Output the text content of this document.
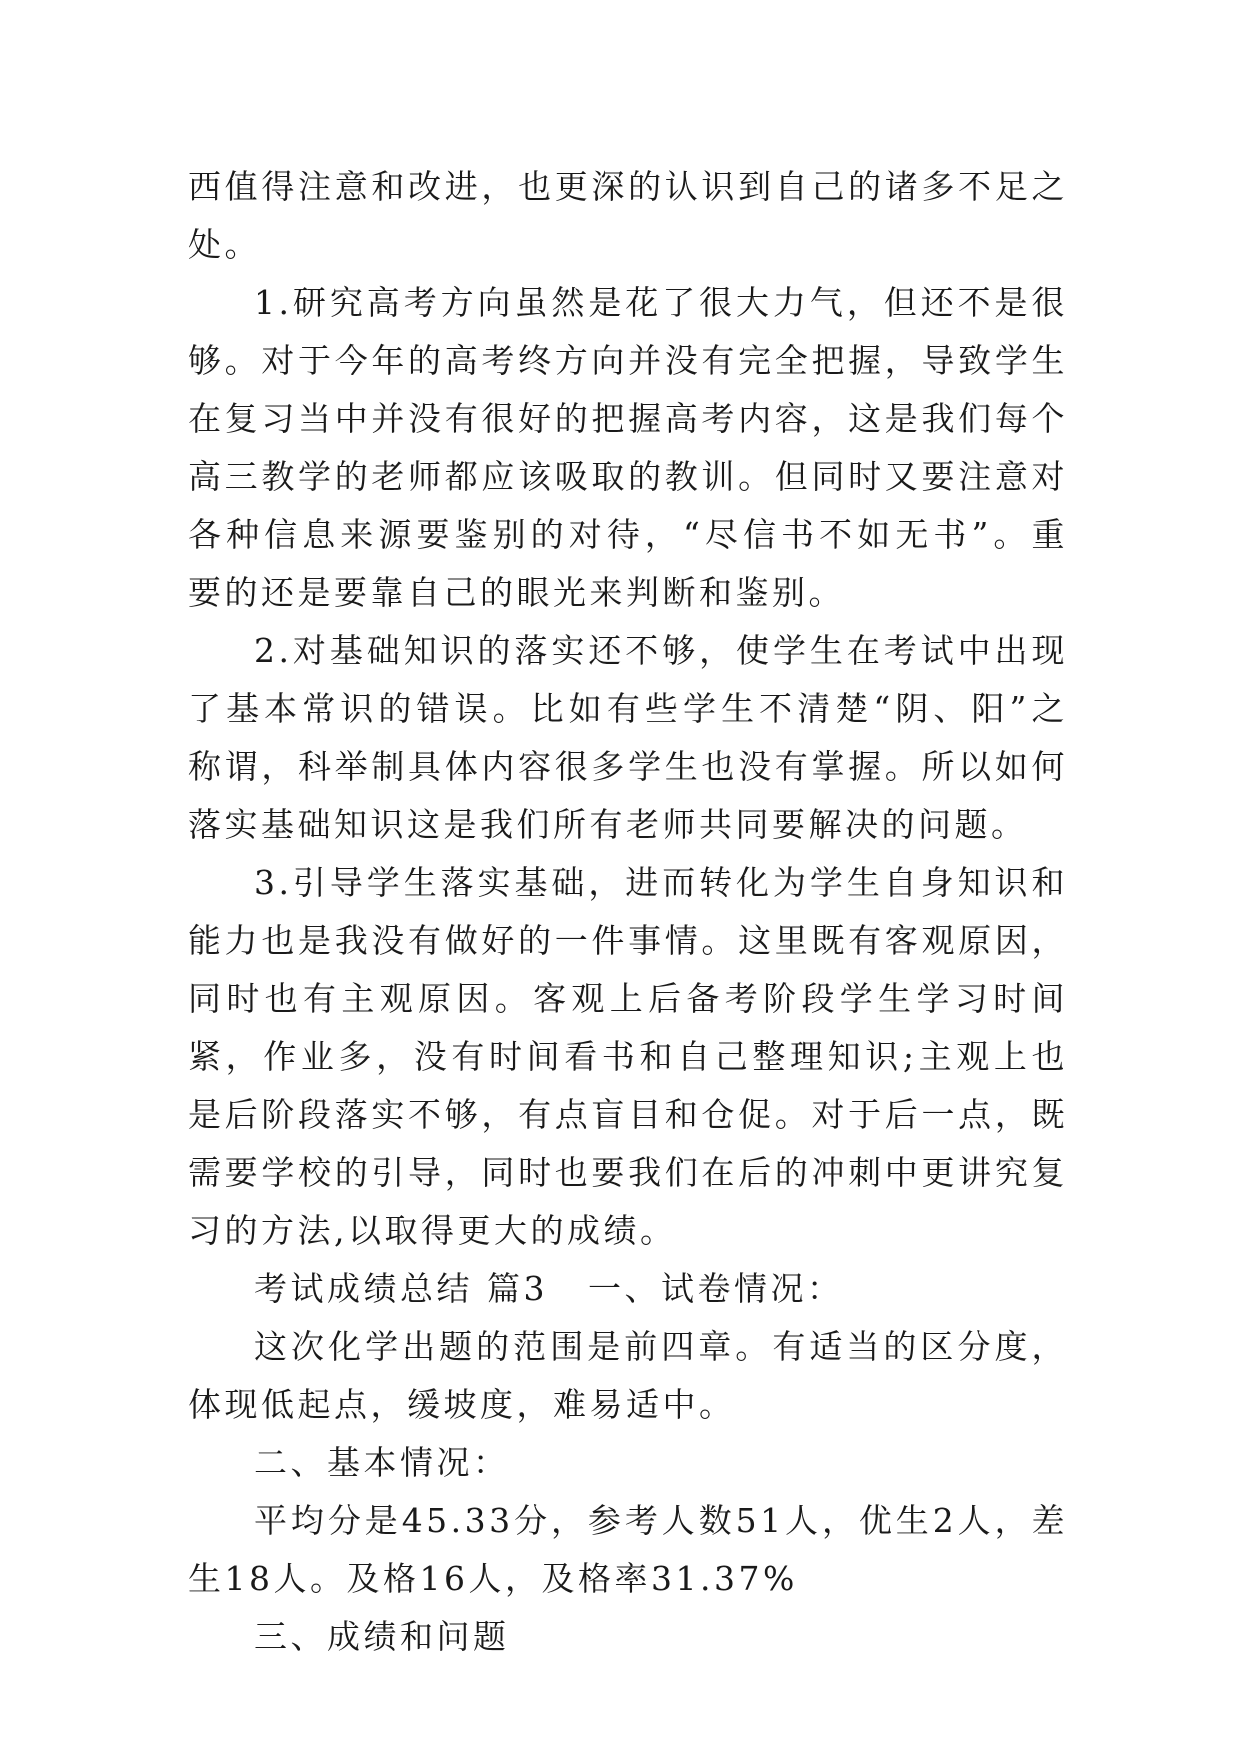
西值得注意和改进，也更深的认识到自己的诸多不足之处。

1.研究高考方向虽然是花了很大力气，但还不是很够。对于今年的高考终方向并没有完全把握，导致学生在复习当中并没有很好的把握高考内容，这是我们每个高三教学的老师都应该吸取的教训。但同时又要注意对各种信息来源要鉴别的对待，“尽信书不如无书”。重要的还是要靠自己的眼光来判断和鉴别。

2.对基础知识的落实还不够，使学生在考试中出现了基本常识的错误。比如有些学生不清楚“阴、阳”之称谓，科举制具体内容很多学生也没有掌握。所以如何落实基础知识这是我们所有老师共同要解决的问题。

3.引导学生落实基础，进而转化为学生自身知识和能力也是我没有做好的一件事情。这里既有客观原因，同时也有主观原因。客观上后备考阶段学生学习时间紧，作业多，没有时间看书和自己整理知识;主观上也是后阶段落实不够，有点盲目和仓促。对于后一点，既需要学校的引导，同时也要我们在后的冲刺中更讲究复习的方法,以取得更大的成绩。

考试成绩总结 篇3 一、试卷情况：

这次化学出题的范围是前四章。有适当的区分度，体现低起点，缓坡度，难易适中。

二、基本情况：

平均分是45.33分，参考人数51人，优生2人，差生18人。及格16人，及格率31.37%

三、成绩和问题
